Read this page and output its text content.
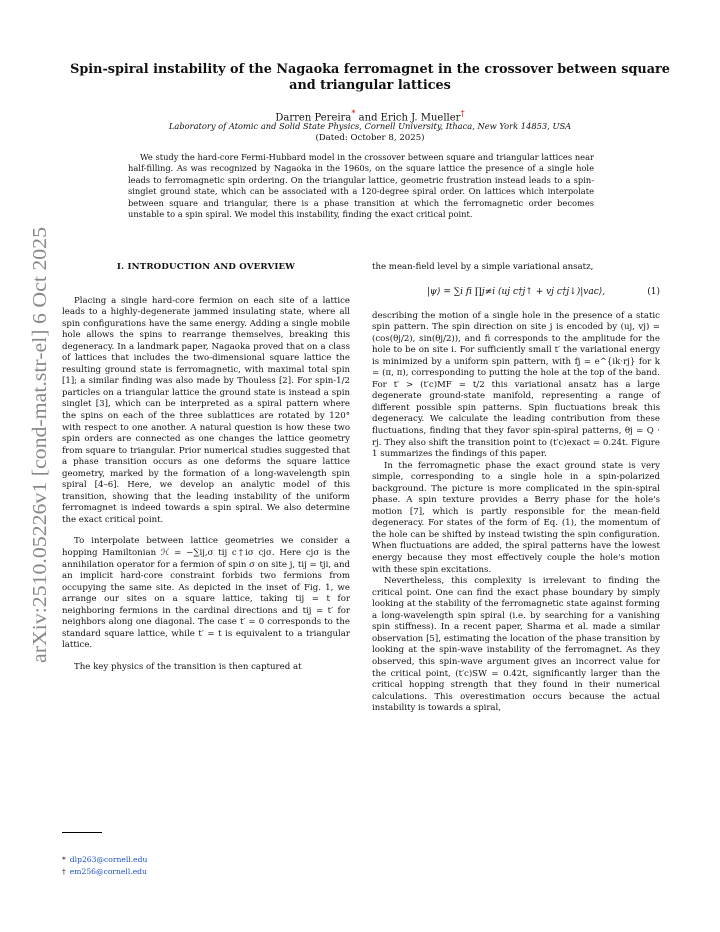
arXiv:2510.05226v1 [cond-mat.str-el] 6 Oct 2025
Spin-spiral instability of the Nagaoka ferromagnet in the crossover between square and triangular lattices
Darren Pereira* and Erich J. Mueller†
Laboratory of Atomic and Solid State Physics, Cornell University, Ithaca, New York 14853, USA
(Dated: October 8, 2025)
We study the hard-core Fermi-Hubbard model in the crossover between square and triangular lattices near half-filling. As was recognized by Nagaoka in the 1960s, on the square lattice the presence of a single hole leads to ferromagnetic spin ordering. On the triangular lattice, geometric frustration instead leads to a spin-singlet ground state, which can be associated with a 120-degree spiral order. On lattices which interpolate between square and triangular, there is a phase transition at which the ferromagnetic order becomes unstable to a spin spiral. We model this instability, finding the exact critical point.
I. INTRODUCTION AND OVERVIEW

Placing a single hard-core fermion on each site of a lattice leads to a highly-degenerate jammed insulating state, where all spin configurations have the same energy. Adding a single mobile hole allows the spins to rearrange themselves, breaking this degeneracy. In a landmark paper, Nagaoka proved that on a class of lattices that includes the two-dimensional square lattice the resulting ground state is ferromagnetic, with maximal total spin [1]; a similar finding was also made by Thouless [2]. For spin-1/2 particles on a triangular lattice the ground state is instead a spin singlet [3], which can be interpreted as a spiral pattern where the spins on each of the three sublattices are rotated by 120° with respect to one another. A natural question is how these two spin orders are connected as one changes the lattice geometry from square to triangular. Prior numerical studies suggested that a phase transition occurs as one deforms the square lattice geometry, marked by the formation of a long-wavelength spin spiral [4–6]. Here, we develop an analytic model of this transition, showing that the leading instability of the uniform ferromagnet is indeed towards a spin spiral. We also determine the exact critical point.

To interpolate between lattice geometries we consider a hopping Hamiltonian ℋ = −∑ij,σ tij c†iσ cjσ. Here cjσ is the annihilation operator for a fermion of spin σ on site j, tij = tji, and an implicit hard-core constraint forbids two fermions from occupying the same site. As depicted in the inset of Fig. 1, we arrange our sites on a square lattice, taking tij = t for neighboring fermions in the cardinal directions and tij = t′ for neighbors along one diagonal. The case t′ = 0 corresponds to the standard square lattice, while t′ = t is equivalent to a triangular lattice.

The key physics of the transition is then captured at

the mean-field level by a simple variational ansatz,

|ψ⟩ = ∑i fi ∏j≠i (uj c†j↑ + vj c†j↓)|vac⟩,	(1)

describing the motion of a single hole in the presence of a static spin pattern. The spin direction on site j is encoded by (uj, vj) = (cos(θj/2), sin(θj/2)), and fi corresponds to the amplitude for the hole to be on site i. For sufficiently small t′ the variational energy is minimized by a uniform spin pattern, with fj = e^{ik·rj} for k = (π, π), corresponding to putting the hole at the top of the band. For t′ > (t′c)MF = t/2 this variational ansatz has a large degenerate ground-state manifold, representing a range of different possible spin patterns. Spin fluctuations break this degeneracy. We calculate the leading contribution from these fluctuations, finding that they favor spin-spiral patterns, θj = Q · rj. They also shift the transition point to (t′c)exact = 0.24t. Figure 1 summarizes the findings of this paper.

In the ferromagnetic phase the exact ground state is very simple, corresponding to a single hole in a spin-polarized background. The picture is more complicated in the spin-spiral phase. A spin texture provides a Berry phase for the hole's motion [7], which is partly responsible for the mean-field degeneracy. For states of the form of Eq. (1), the momentum of the hole can be shifted by instead twisting the spin configuration. When fluctuations are added, the spiral patterns have the lowest energy because they most effectively couple the hole's motion with these spin excitations.

Nevertheless, this complexity is irrelevant to finding the critical point. One can find the exact phase boundary by simply looking at the stability of the ferromagnetic state against forming a long-wavelength spin spiral (i.e. by searching for a vanishing spin stiffness). In a recent paper, Sharma et al. made a similar observation [5], estimating the location of the phase transition by looking at the spin-wave instability of the ferromagnet. As they observed, this spin-wave argument gives an incorrect value for the critical point, (t′c)SW = 0.42t, significantly larger than the critical hopping strength that they found in their numerical calculations. This overestimation occurs because the actual instability is towards a spiral,

* dlp263@cornell.edu
† em256@cornell.edu
